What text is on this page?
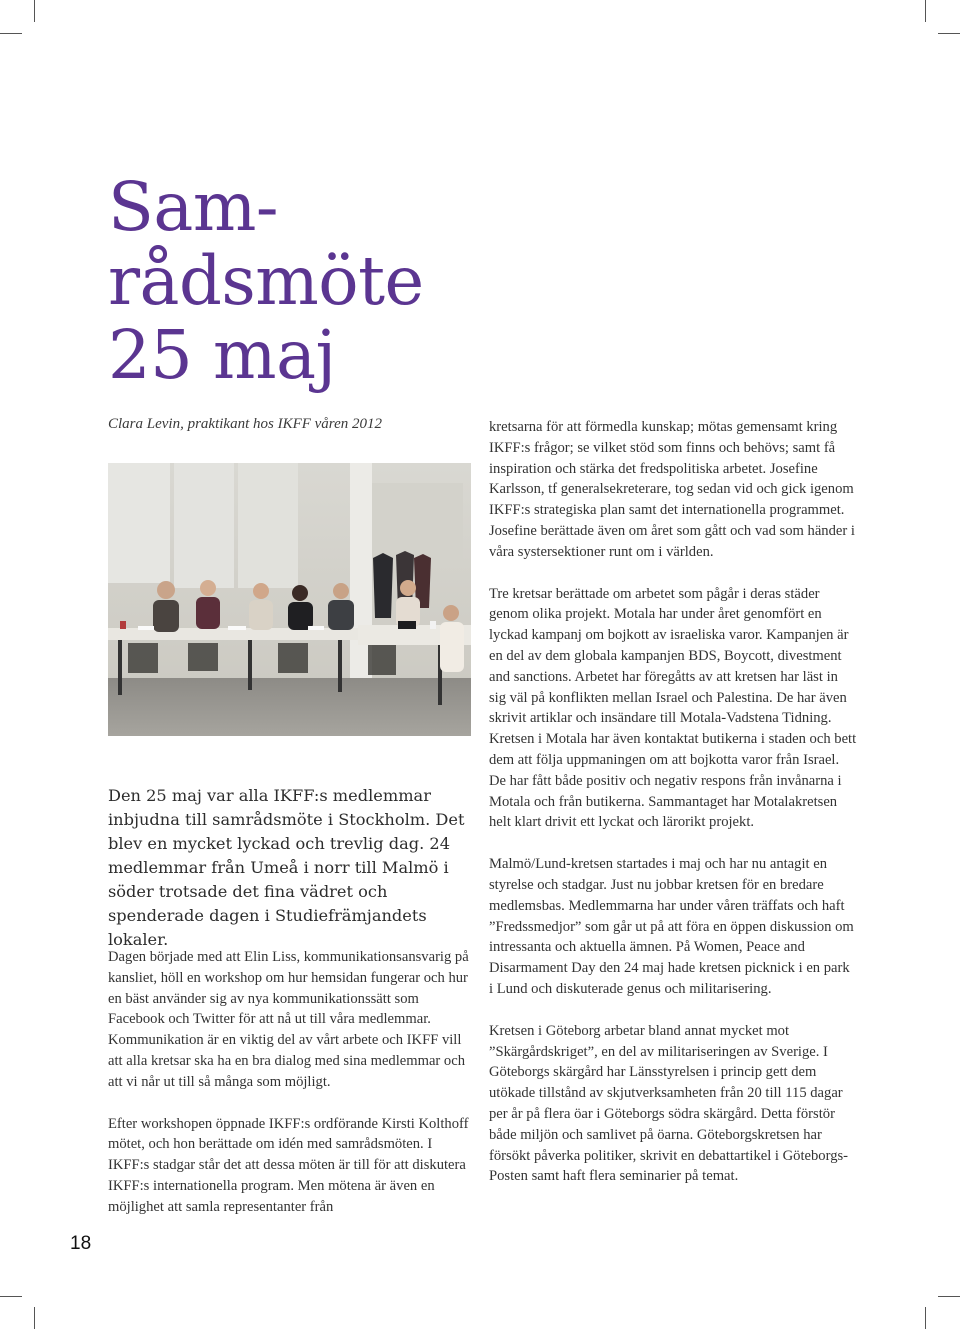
Sam-
rådsmöte
25 maj
Clara Levin, praktikant hos IKFF våren 2012

Den 25 maj var alla IKFF:s medlemmar inbjudna till samrådsmöte i Stockholm. Det blev en mycket lyckad och trevlig dag. 24 medlemmar från Umeå i norr till Malmö i söder trotsade det fina vädret och spenderade dagen i Studiefrämjandets lokaler.

Dagen började med att Elin Liss, kommunikationsansvarig på kansliet, höll en workshop om hur hemsidan fungerar och hur en bäst använder sig av nya kommunikationssätt som Facebook och Twitter för att nå ut till våra medlemmar. Kommunikation är en viktig del av vårt arbete och IKFF vill att alla kretsar ska ha en bra dialog med sina medlemmar och att vi når ut till så många som möjligt.

Efter workshopen öppnade IKFF:s ordförande Kirsti Kolthoff mötet, och hon berättade om idén med samrådsmöten. I IKFF:s stadgar står det att dessa möten är till för att diskutera IKFF:s internationella program. Men mötena är även en möjlighet att samla representanter från

kretsarna för att förmedla kunskap; mötas gemensamt kring IKFF:s frågor; se vilket stöd som finns och behövs; samt få inspiration och stärka det fredspolitiska arbetet. Josefine Karlsson, tf generalsekreterare, tog sedan vid och gick igenom IKFF:s strategiska plan samt det internationella programmet. Josefine berättade även om året som gått och vad som händer i våra systersektioner runt om i världen.

Tre kretsar berättade om arbetet som pågår i deras städer genom olika projekt. Motala har under året genomfört en lyckad kampanj om bojkott av israeliska varor. Kampanjen är en del av dem globala kampanjen BDS, Boycott, divestment and sanctions. Arbetet har föregåtts av att kretsen har läst in sig väl på konflikten mellan Israel och Palestina. De har även skrivit artiklar och insändare till Motala-Vadstena Tidning. Kretsen i Motala har även kontaktat butikerna i staden och bett dem att följa uppmaningen om att bojkotta varor från Israel. De har fått både positiv och negativ respons från invånarna i Motala och från butikerna. Sammantaget har Motalakretsen helt klart drivit ett lyckat och lärorikt projekt.

Malmö/Lund-kretsen startades i maj och har nu antagit en styrelse och stadgar. Just nu jobbar kretsen för en bredare medlemsbas. Medlemmarna har under våren träffats och haft ”Fredssmedjor” som går ut på att föra en öppen diskussion om intressanta och aktuella ämnen. På Women, Peace and Disarmament Day den 24 maj hade kretsen picknick i en park i Lund och diskuterade genus och militarisering.

Kretsen i Göteborg arbetar bland annat mycket mot ”Skärgårdskriget”, en del av militariseringen av Sverige. I Göteborgs skärgård har Länsstyrelsen i princip gett dem utökade tillstånd av skjutverksamheten från 20 till 115 dagar per år på flera öar i Göteborgs södra skärgård. Detta förstör både miljön och samlivet på öarna. Göteborgskretsen har försökt påverka politiker, skrivit en debattartikel i Göteborgs-Posten samt haft flera seminarier på temat.

18
